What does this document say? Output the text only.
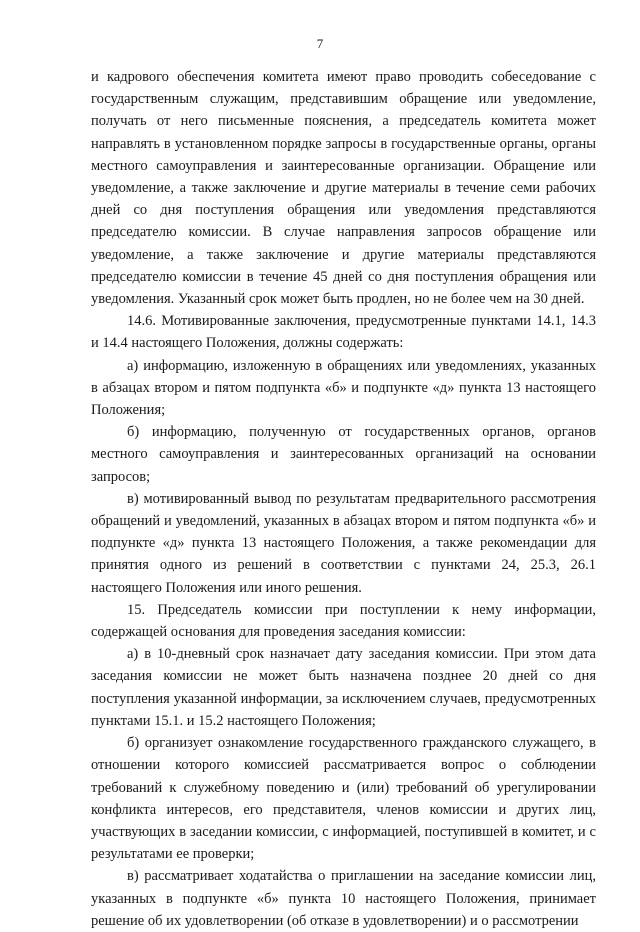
7

и кадрового обеспечения комитета имеют право проводить собеседование с государственным служащим, представившим обращение или уведомление, получать от него письменные пояснения, а председатель комитета может направлять в установленном порядке запросы в государственные органы, органы местного самоуправления и заинтересованные организации. Обращение или уведомление, а также заключение и другие материалы в течение семи рабочих дней со дня поступления обращения или уведомления представляются председателю комиссии. В случае направления запросов обращение или уведомление, а также заключение и другие материалы представляются председателю комиссии в течение 45 дней со дня поступления обращения или уведомления. Указанный срок может быть продлен, но не более чем на 30 дней.

14.6. Мотивированные заключения, предусмотренные пунктами 14.1, 14.3 и 14.4 настоящего Положения, должны содержать:

а) информацию, изложенную в обращениях или уведомлениях, указанных в абзацах втором и пятом подпункта «б» и подпункте «д» пункта 13 настоящего Положения;

б) информацию, полученную от государственных органов, органов местного самоуправления и заинтересованных организаций на основании запросов;

в) мотивированный вывод по результатам предварительного рассмотрения обращений и уведомлений, указанных в абзацах втором и пятом подпункта «б» и подпункте «д» пункта 13 настоящего Положения, а также рекомендации для принятия одного из решений в соответствии с пунктами 24, 25.3, 26.1 настоящего Положения или иного решения.

15. Председатель комиссии при поступлении к нему информации, содержащей основания для проведения заседания комиссии:

а) в 10-дневный срок назначает дату заседания комиссии. При этом дата заседания комиссии не может быть назначена позднее 20 дней со дня поступления указанной информации, за исключением случаев, предусмотренных пунктами 15.1. и 15.2 настоящего Положения;

б) организует ознакомление государственного гражданского служащего, в отношении которого комиссией рассматривается вопрос о соблюдении требований к служебному поведению и (или) требований об урегулировании конфликта интересов, его представителя, членов комиссии и других лиц, участвующих в заседании комиссии, с информацией, поступившей в комитет, и с результатами ее проверки;

в) рассматривает ходатайства о приглашении на заседание комиссии лиц, указанных в подпункте «б» пункта 10 настоящего Положения, принимает решение об их удовлетворении (об отказе в удовлетворении) и о рассмотрении
